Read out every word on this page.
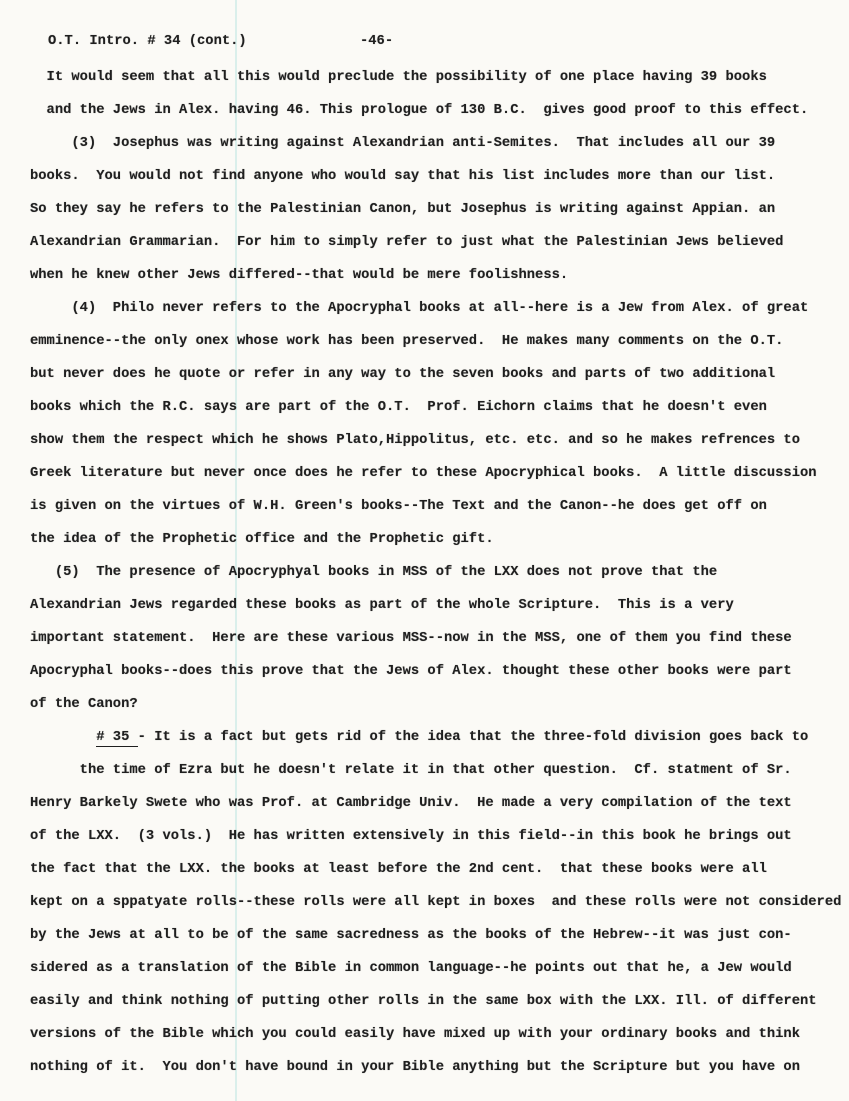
O.T. Intro. # 34 (cont.)	-46-
It would seem that all this would preclude the possibility of one place having 39 books
and the Jews in Alex. having 46. This prologue of 130 B.C.  gives good proof to this effect.
(3)  Josephus was writing against Alexandrian anti-Semites.  That includes all our 39
books.  You would not find anyone who would say that his list includes more than our list.
So they say he refers to the Palestinian Canon, but Josephus is writing against Appian. an
Alexandrian Grammarian.  For him to simply refer to just what the Palestinian Jews believed
when he knew other Jews differed--that would be mere foolishness.
(4)  Philo never refers to the Apocryphal books at all--here is a Jew from Alex. of great
emminence--the only onex whose work has been preserved.  He makes many comments on the O.T.
but never does he quote or refer in any way to the seven books and parts of two additional
books which the R.C. says are part of the O.T.  Prof. Eichorn claims that he doesn't even
show them the respect which he shows Plato,Hippolitus, etc. etc. and so he makes refrences to
Greek literature but never once does he refer to these Apocryphical books.  A little discussion
is given on the virtues of W.H. Green's books--The Text and the Canon--he does get off on
the idea of the Prophetic office and the Prophetic gift.
(5)  The presence of Apocryphyal books in MSS of the LXX does not prove that the
Alexandrian Jews regarded these books as part of the whole Scripture.  This is a very
important statement.  Here are these various MSS--now in the MSS, one of them you find these
Apocryphal books--does this prove that the Jews of Alex. thought these other books were part
of the Canon?
# 35 - It is a fact but gets rid of the idea that the three-fold division goes back to
the time of Ezra but he doesn't relate it in that other question.  Cf. statment of Sr.
Henry Barkely Swete who was Prof. at Cambridge Univ.  He made a very compilation of the text
of the LXX.  (3 vols.)  He has written extensively in this field--in this book he brings out
the fact that the LXX. the books at least before the 2nd cent.  that these books were all
kept on a sppatyate rolls--these rolls were all kept in boxes  and these rolls were not considered
by the Jews at all to be of the same sacredness as the books of the Hebrew--it was just con-
sidered as a translation of the Bible in common language--he points out that he, a Jew would
easily and think nothing of putting other rolls in the same box with the LXX. Ill. of different
versions of the Bible which you could easily have mixed up with your ordinary books and think
nothing of it.  You don't have bound in your Bible anything but the Scripture but you have on
